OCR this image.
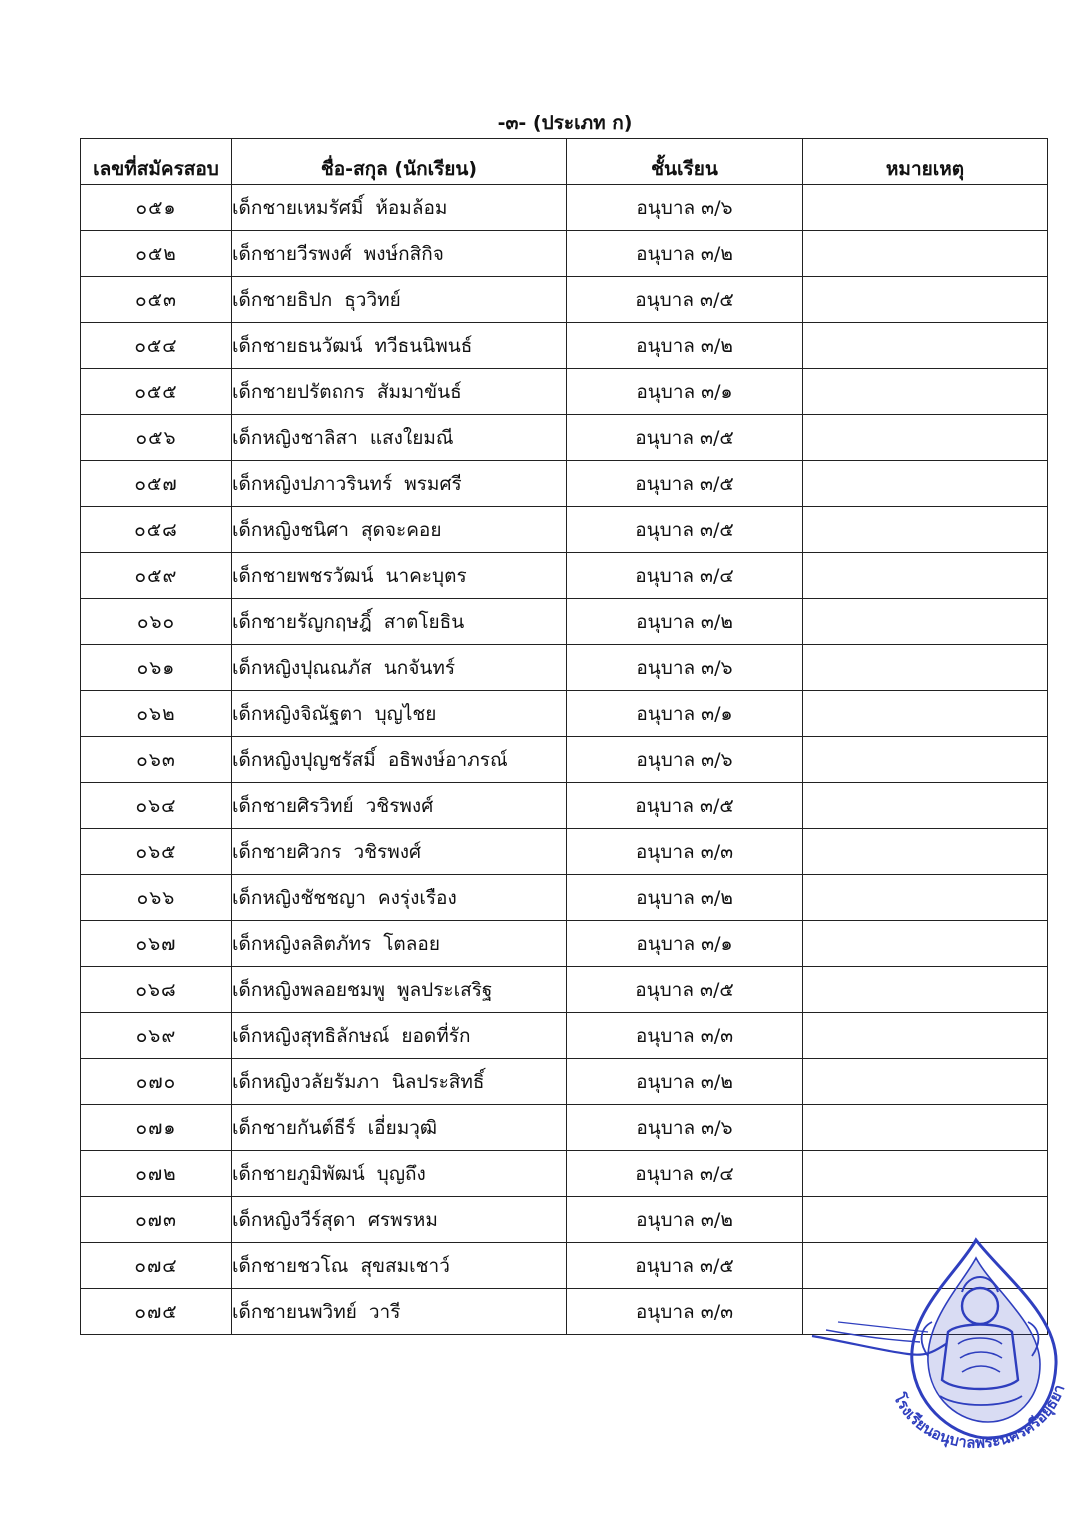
-๓- (ประเภท ก)
เลขที่สมัครสอบ	ชื่อ-สกุล (นักเรียน)	ชั้นเรียน	หมายเหตุ
๐๕๑	เด็กชายเหมรัศมิ์ ห้อมล้อม	อนุบาล ๓/๖	
๐๕๒	เด็กชายวีรพงศ์ พงษ์กสิกิจ	อนุบาล ๓/๒	
๐๕๓	เด็กชายธิปก ธุววิทย์	อนุบาล ๓/๕	
๐๕๔	เด็กชายธนวัฒน์ ทวีธนนิพนธ์	อนุบาล ๓/๒	
๐๕๕	เด็กชายปรัตถกร สัมมาขันธ์	อนุบาล ๓/๑	
๐๕๖	เด็กหญิงชาลิสา แสงใยมณี	อนุบาล ๓/๕	
๐๕๗	เด็กหญิงปภาวรินทร์ พรมศรี	อนุบาล ๓/๕	
๐๕๘	เด็กหญิงชนิศา สุดจะคอย	อนุบาล ๓/๕	
๐๕๙	เด็กชายพชรวัฒน์ นาคะบุตร	อนุบาล ๓/๔	
๐๖๐	เด็กชายรัญกฤษฎิ์ สาตโยธิน	อนุบาล ๓/๒	
๐๖๑	เด็กหญิงปุณณภัส นกจันทร์	อนุบาล ๓/๖	
๐๖๒	เด็กหญิงจิณัฐตา บุญไชย	อนุบาล ๓/๑	
๐๖๓	เด็กหญิงปุญชรัสมิ์ อธิพงษ์อาภรณ์	อนุบาล ๓/๖	
๐๖๔	เด็กชายศิรวิทย์ วชิรพงศ์	อนุบาล ๓/๕	
๐๖๕	เด็กชายศิวกร วชิรพงศ์	อนุบาล ๓/๓	
๐๖๖	เด็กหญิงชัชชญา คงรุ่งเรือง	อนุบาล ๓/๒	
๐๖๗	เด็กหญิงลลิตภัทร โตลอย	อนุบาล ๓/๑	
๐๖๘	เด็กหญิงพลอยชมพู พูลประเสริฐ	อนุบาล ๓/๕	
๐๖๙	เด็กหญิงสุทธิลักษณ์ ยอดที่รัก	อนุบาล ๓/๓	
๐๗๐	เด็กหญิงวลัยรัมภา นิลประสิทธิ์	อนุบาล ๓/๒	
๐๗๑	เด็กชายกันต์ธีร์ เอี่ยมวุฒิ	อนุบาล ๓/๖	
๐๗๒	เด็กชายภูมิพัฒน์ บุญถึง	อนุบาล ๓/๔	
๐๗๓	เด็กหญิงวีร์สุดา ศรพรหม	อนุบาล ๓/๒	
๐๗๔	เด็กชายชวโณ สุขสมเชาว์	อนุบาล ๓/๕	
๐๗๕	เด็กชายนพวิทย์ วารี	อนุบาล ๓/๓	
โรงเรียนอนุบาลพระนครศรีอยุธยา
